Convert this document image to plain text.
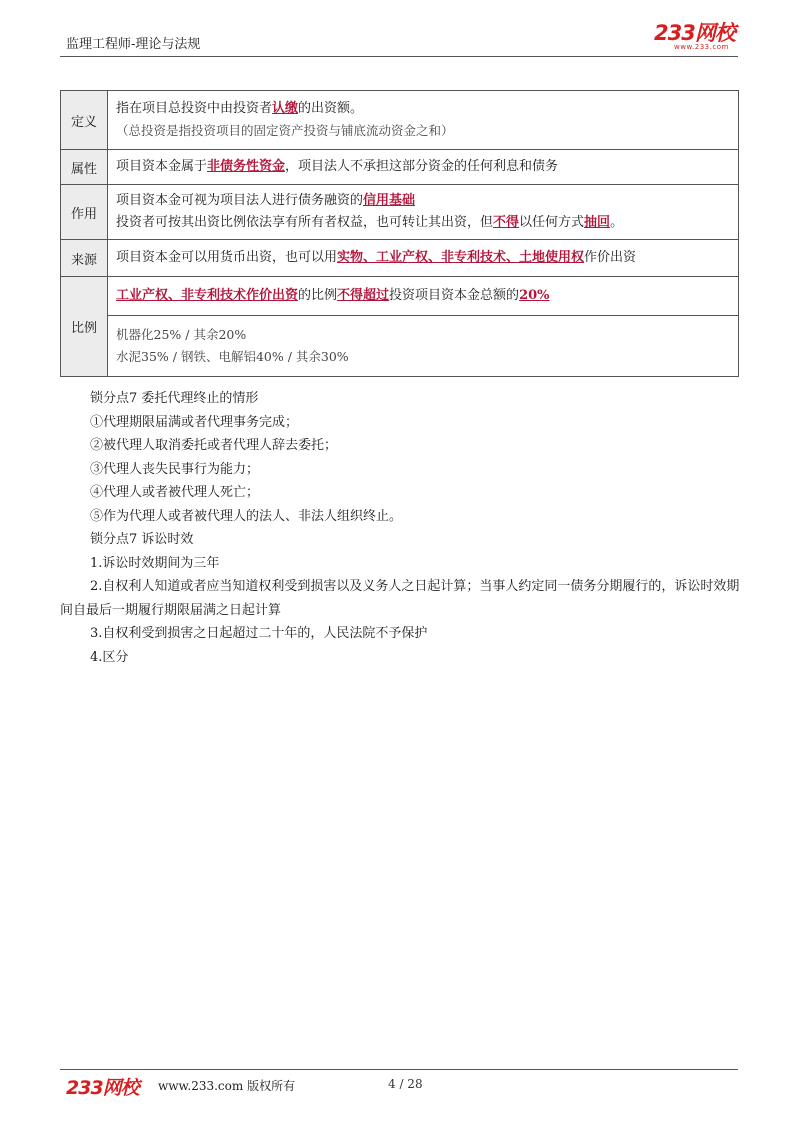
监理工程师-理论与法规	233网校
www.233.com
定义	指在项目总投资中由投资者认缴的出资额。
（总投资是指投资项目的固定资产投资与铺底流动资金之和）

属性	项目资本金属于非债务性资金，项目法人不承担这部分资金的任何利息和债务
作用	项目资本金可视为项目法人进行债务融资的信用基础
投资者可按其出资比例依法享有所有者权益，也可转让其出资，但不得以任何方式抽回。

来源	项目资本金可以用货币出资，也可以用实物、工业产权、非专利技术、土地使用权作价出资
比例	工业产权、非专利技术作价出资的比例不得超过投资项目资本金总额的20%

	机器化25% / 其余20%
水泥35% / 钢铁、电解铝40% / 其余30%

锁分点7 委托代理终止的情形

①代理期限届满或者代理事务完成；

②被代理人取消委托或者代理人辞去委托；

③代理人丧失民事行为能力；

④代理人或者被代理人死亡；

⑤作为代理人或者被代理人的法人、非法人组织终止。

锁分点7 诉讼时效

1.诉讼时效期间为三年

2.自权利人知道或者应当知道权利受到损害以及义务人之日起计算；当事人约定同一债务分期履行的，诉讼时效期间自最后一期履行期限届满之日起计算

3.自权利受到损害之日起超过二十年的，人民法院不予保护

4.区分

233网校 www.233.com 版权所有	4 / 28
